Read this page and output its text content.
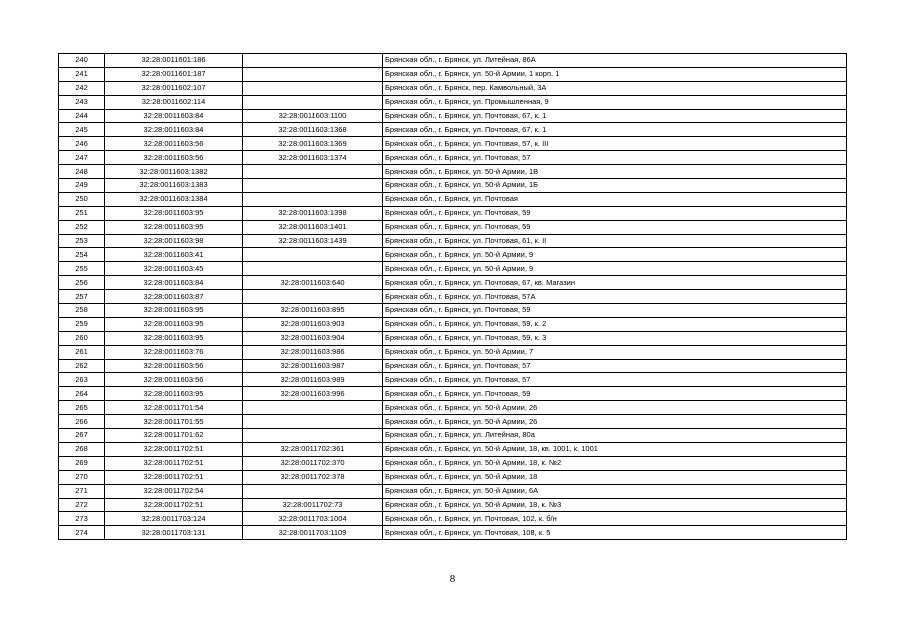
240	32:28:0011601:186		Брянская обл., г. Брянск, ул. Литейная, 86А
241	32:28:0011601:187		Брянская обл., г. Брянск, ул. 50-й Армии, 1 корп. 1
242	32:28:0011602:107		Брянская обл., г. Брянск, пер. Камвольный, 3А
243	32:28:0011602:114		Брянская обл., г. Брянск, ул. Промышленная, 9
244	32:28:0011603:84	32:28:0011603:1100	Брянская обл., г. Брянск, ул. Почтовая, 67, к. 1
245	32:28:0011603:84	32:28:0011603:1368	Брянская обл., г. Брянск, ул. Почтовая, 67, к. 1
246	32:28:0011603:56	32:28:0011603:1369	Брянская обл., г. Брянск, ул. Почтовая, 57, к. III
247	32:28:0011603:56	32:28:0011603:1374	Брянская обл., г. Брянск, ул. Почтовая, 57
248	32:28:0011603:1382		Брянская обл., г. Брянск, ул. 50-й Армии, 1В
249	32:28:0011603:1383		Брянская обл., г. Брянск, ул. 50-й Армии, 1Б
250	32:28:0011603:1384		Брянская обл., г. Брянск, ул. Почтовая
251	32:28:0011603:95	32:28:0011603:1398	Брянская обл., г. Брянск, ул. Почтовая, 59
252	32:28:0011603:95	32:28:0011603:1401	Брянская обл., г. Брянск, ул. Почтовая, 59
253	32:28:0011603:98	32:28:0011603:1439	Брянская обл., г. Брянск, ул. Почтовая, 61, к. II
254	32:28:0011603:41		Брянская обл., г. Брянск, ул. 50-й Армии, 9
255	32:28:0011603:45		Брянская обл., г. Брянск, ул. 50-й Армии, 9
256	32:28:0011603:84	32:28:0011603:640	Брянская обл., г. Брянск, ул. Почтовая, 67, кв. Магазин
257	32:28:0011603:87		Брянская обл., г. Брянск, ул. Почтовая, 57А
258	32:28:0011603:95	32:28:0011603:895	Брянская обл., г. Брянск, ул. Почтовая, 59
259	32:28:0011603:95	32:28:0011603:903	Брянская обл., г. Брянск, ул. Почтовая, 59, к. 2
260	32:28:0011603:95	32:28:0011603:904	Брянская обл., г. Брянск, ул. Почтовая, 59, к. 3
261	32:28:0011603:76	32:28:0011603:986	Брянская обл., г. Брянск, ул. 50-й Армии, 7
262	32:28:0011603:56	32:28:0011603:987	Брянская обл., г. Брянск, ул. Почтовая, 57
263	32:28:0011603:56	32:28:0011603:989	Брянская обл., г. Брянск, ул. Почтовая, 57
264	32:28:0011603:95	32:28:0011603:996	Брянская обл., г. Брянск, ул. Почтовая, 59
265	32:28:0011701:54		Брянская обл., г. Брянск, ул. 50-й Армии, 26
266	32:28:0011701:55		Брянская обл., г. Брянск, ул. 50-й Армии, 26
267	32:28:0011701:62		Брянская обл., г. Брянск, ул. Литейная, 80а
268	32:28:0011702:51	32:28:0011702:361	Брянская обл., г. Брянск, ул. 50-й Армии, 18, кв. 1001, к. 1001
269	32:28:0011702:51	32:28:0011702:370	Брянская обл., г. Брянск, ул. 50-й Армии, 18, к. №2
270	32:28:0011702:51	32:28:0011702:378	Брянская обл., г. Брянск, ул. 50-й Армии, 18
271	32:28:0011702:54		Брянская обл., г. Брянск, ул. 50-й Армии, 6А
272	32:28:0011702:51	32:28:0011702:73	Брянская обл., г. Брянск, ул. 50-й Армии, 18, к. №3
273	32:28:0011703:124	32:28:0011703:1004	Брянская обл., г. Брянск, ул. Почтовая, 102, к. б/н
274	32:28:0011703:131	32:28:0011703:1109	Брянская обл., г. Брянск, ул. Почтовая, 108, к. 5
8
